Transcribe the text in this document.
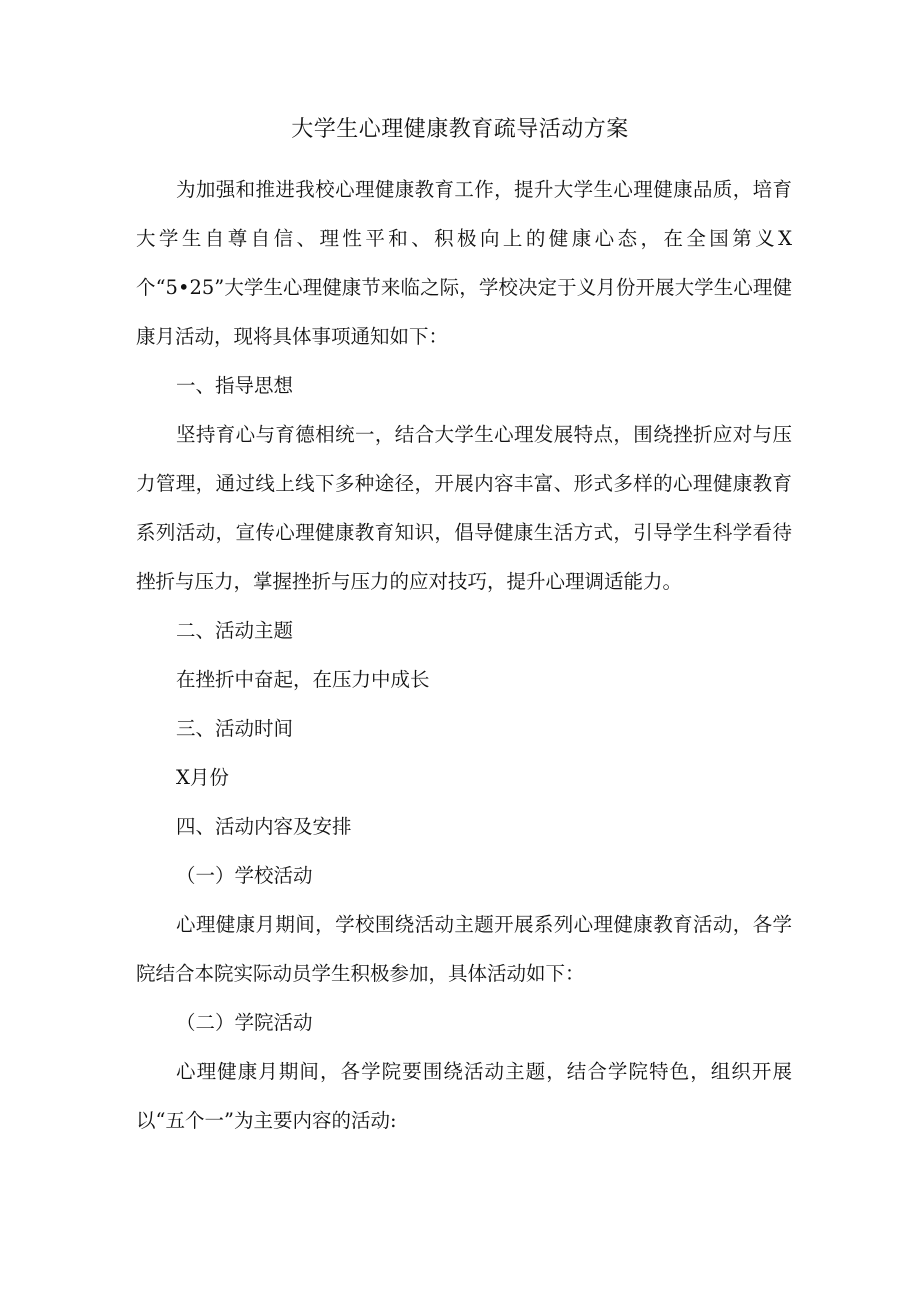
大学生心理健康教育疏导活动方案

为加强和推进我校心理健康教育工作，提升大学生心理健康品质，培育大学生自尊自信、理性平和、积极向上的健康心态，在全国第义X个“5•25”大学生心理健康节来临之际，学校决定于义月份开展大学生心理健康月活动，现将具体事项通知如下：

一、指导思想

坚持育心与育德相统一，结合大学生心理发展特点，围绕挫折应对与压力管理，通过线上线下多种途径，开展内容丰富、形式多样的心理健康教育系列活动，宣传心理健康教育知识，倡导健康生活方式，引导学生科学看待挫折与压力，掌握挫折与压力的应对技巧，提升心理调适能力。

二、活动主题

在挫折中奋起，在压力中成长

三、活动时间

X月份

四、活动内容及安排

（一）学校活动

心理健康月期间，学校围绕活动主题开展系列心理健康教育活动，各学院结合本院实际动员学生积极参加，具体活动如下：

（二）学院活动

心理健康月期间，各学院要围绕活动主题，结合学院特色，组织开展以“五个一”为主要内容的活动:
